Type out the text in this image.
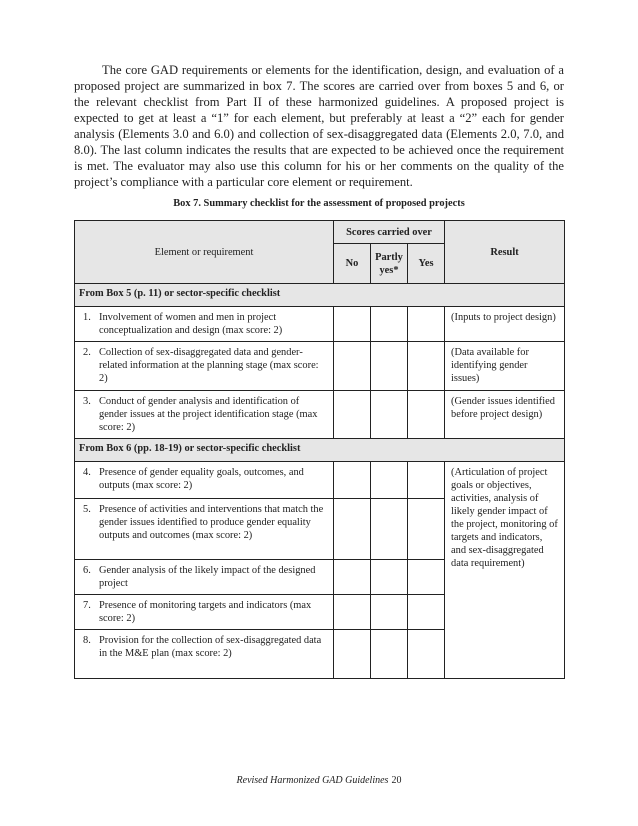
The core GAD requirements or elements for the identification, design, and evaluation of a proposed project are summarized in box 7. The scores are carried over from boxes 5 and 6, or the relevant checklist from Part II of these harmonized guidelines. A proposed project is expected to get at least a “1” for each element, but preferably at least a “2” each for gender analysis (Elements 3.0 and 6.0) and collection of sex-disaggregated data (Elements 2.0, 7.0, and 8.0). The last column indicates the results that are expected to be achieved once the requirement is met. The evaluator may also use this column for his or her comments on the quality of the project’s compliance with a particular core element or requirement.

Box 7. Summary checklist for the assessment of proposed projects
Element or requirement	Scores carried over			Result
	No	Partly yes*	Yes	
From Box 5 (p. 11) or sector-specific checklist				

1. Involvement of women and men in project conceptualization and design (max score: 2)				(Inputs to project design)

2. Collection of sex-disaggregated data and gender-related information at the planning stage (max score: 2)				(Data available for identifying gender issues)

3. Conduct of gender analysis and identification of gender issues at the project identification stage (max score: 2)				(Gender issues identified before project design)

From Box 6 (pp. 18-19) or sector-specific checklist				

4. Presence of gender equality goals, outcomes, and outputs (max score: 2)				(Articulation of project goals or objectives, activities, analysis of likely gender impact of the project, monitoring of targets and indicators, and sex-disaggregated data requirement)

5. Presence of activities and interventions that match the gender issues identified to produce gender equality outputs and outcomes (max score: 2)				

6. Gender analysis of the likely impact of the designed project				

7. Presence of monitoring targets and indicators (max score: 2)				

8. Provision for the collection of sex-disaggregated data in the M&E plan (max score: 2)				

Revised Harmonized GAD Guidelines 20
